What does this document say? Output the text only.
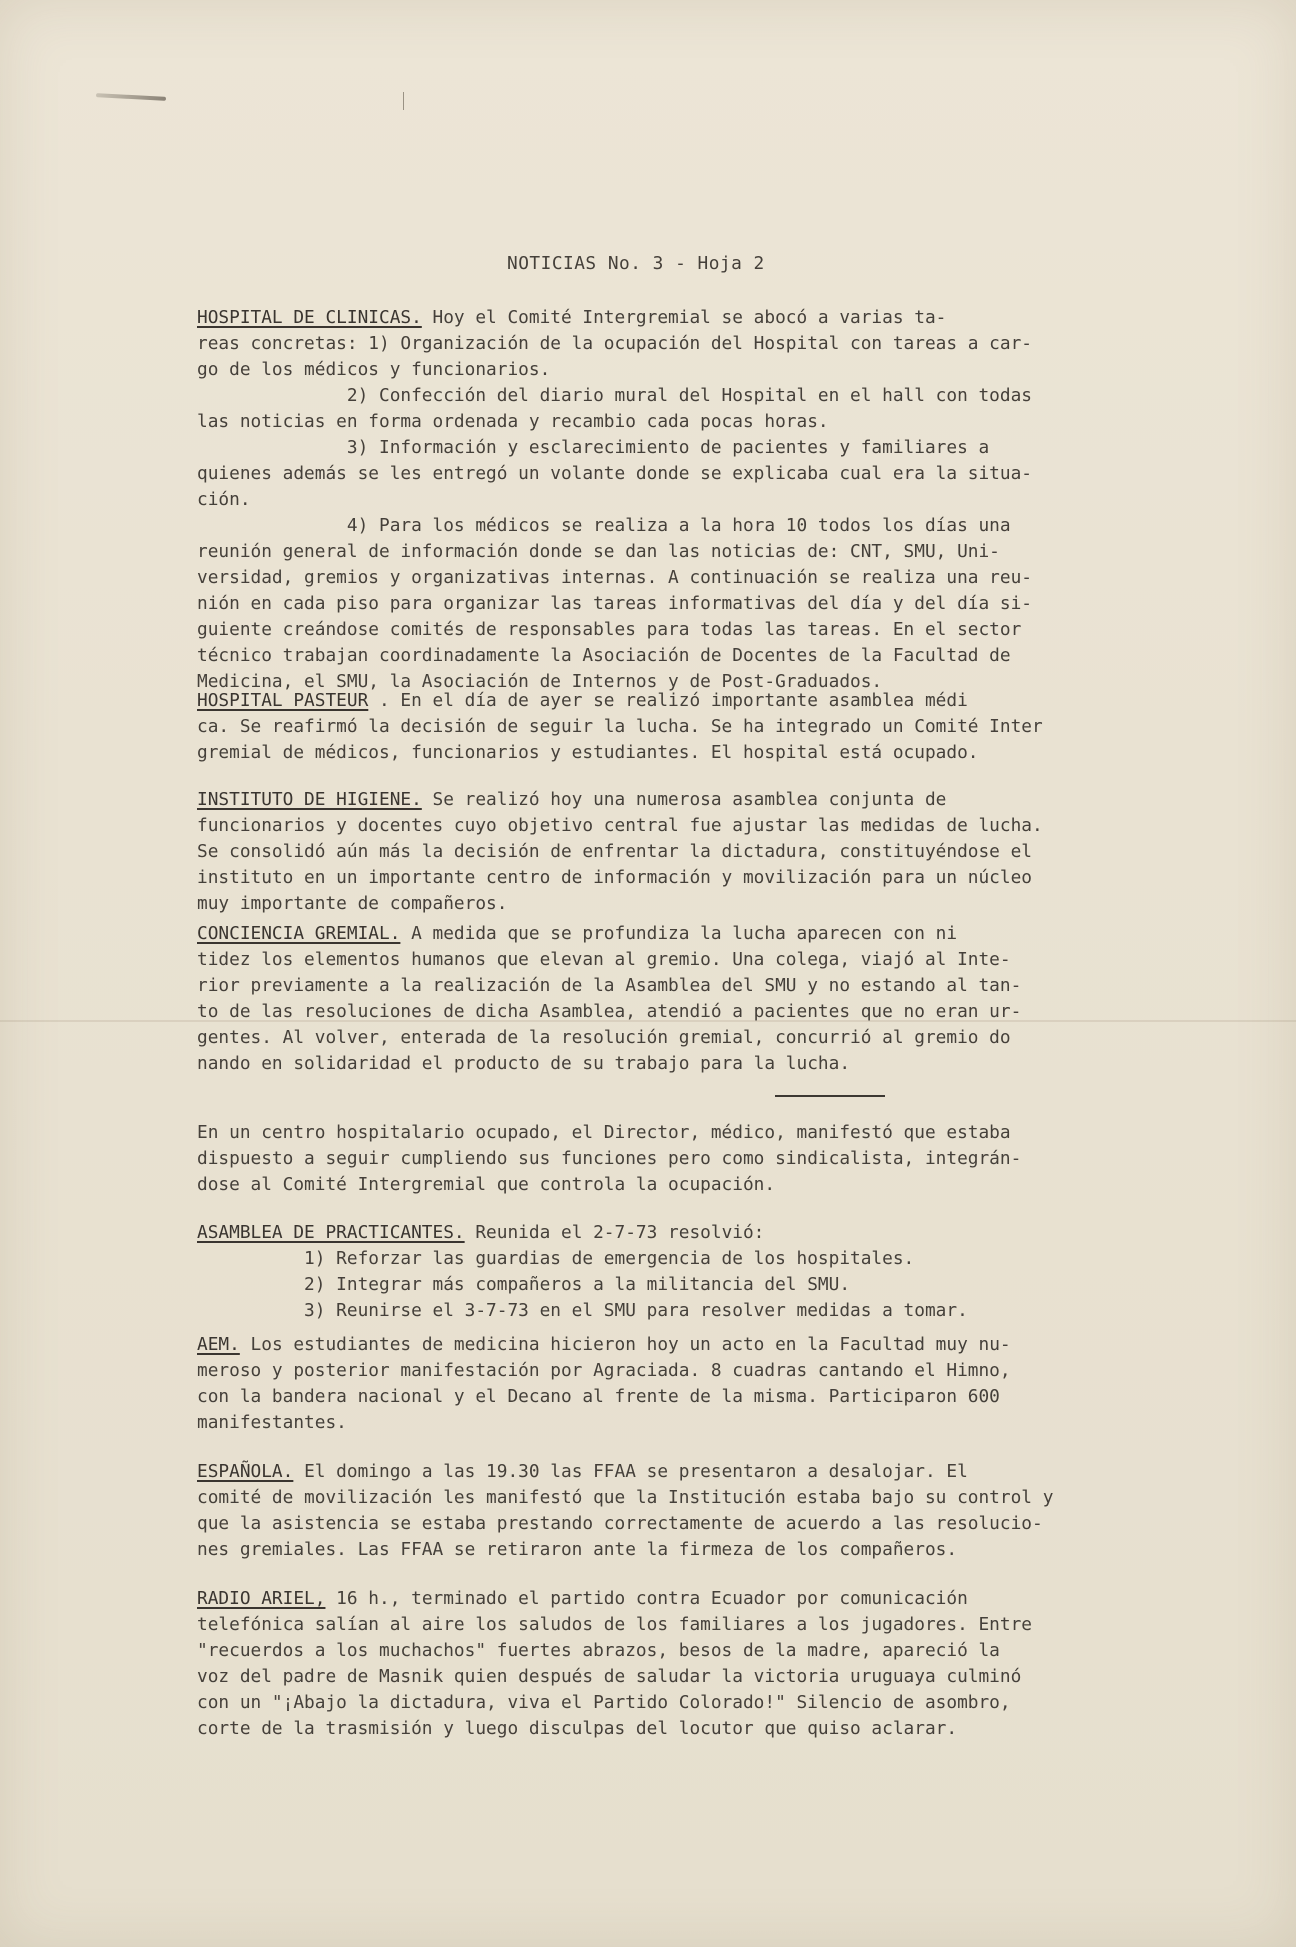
NOTICIAS No. 3 - Hoja 2
HOSPITAL DE CLINICAS. Hoy el Comité Intergremial se abocó a varias ta-
reas concretas: 1) Organización de la ocupación del Hospital con tareas a car-
go de los médicos y funcionarios.
2) Confección del diario mural del Hospital en el hall con todas
las noticias en forma ordenada y recambio cada pocas horas.
3) Información y esclarecimiento de pacientes y familiares a
quienes además se les entregó un volante donde se explicaba cual era la situa-
ción.
4) Para los médicos se realiza a la hora 10 todos los días una
reunión general de información donde se dan las noticias de: CNT, SMU, Uni-
versidad, gremios y organizativas internas. A continuación se realiza una reu-
nión en cada piso para organizar las tareas informativas del día y del día si-
guiente creándose comités de responsables para todas las tareas. En el sector
técnico trabajan coordinadamente la Asociación de Docentes de la Facultad de
Medicina, el SMU, la Asociación de Internos y de Post-Graduados.
HOSPITAL PASTEUR . En el día de ayer se realizó importante asamblea médi
ca. Se reafirmó la decisión de seguir la lucha. Se ha integrado un Comité Inter
gremial de médicos, funcionarios y estudiantes. El hospital está ocupado.
INSTITUTO DE HIGIENE. Se realizó hoy una numerosa asamblea conjunta de
funcionarios y docentes cuyo objetivo central fue ajustar las medidas de lucha.
Se consolidó aún más la decisión de enfrentar la dictadura, constituyéndose el
instituto en un importante centro de información y movilización para un núcleo
muy importante de compañeros.
CONCIENCIA GREMIAL. A medida que se profundiza la lucha aparecen con ni
tidez los elementos humanos que elevan al gremio. Una colega, viajó al Inte-
rior previamente a la realización de la Asamblea del SMU y no estando al tan-
to de las resoluciones de dicha Asamblea, atendió a pacientes que no eran ur-
gentes. Al volver, enterada de la resolución gremial, concurrió al gremio do
nando en solidaridad el producto de su trabajo para la lucha.
En un centro hospitalario ocupado, el Director, médico, manifestó que estaba
dispuesto a seguir cumpliendo sus funciones pero como sindicalista, integrán-
dose al Comité Intergremial que controla la ocupación.
ASAMBLEA DE PRACTICANTES. Reunida el 2-7-73 resolvió:
1) Reforzar las guardias de emergencia de los hospitales.
2) Integrar más compañeros a la militancia del SMU.
3) Reunirse el 3-7-73 en el SMU para resolver medidas a tomar.
AEM. Los estudiantes de medicina hicieron hoy un acto en la Facultad muy nu-
meroso y posterior manifestación por Agraciada. 8 cuadras cantando el Himno,
con la bandera nacional y el Decano al frente de la misma. Participaron 600
manifestantes.
ESPAÑOLA. El domingo a las 19.30 las FFAA se presentaron a desalojar. El
comité de movilización les manifestó que la Institución estaba bajo su control y
que la asistencia se estaba prestando correctamente de acuerdo a las resolucio-
nes gremiales. Las FFAA se retiraron ante la firmeza de los compañeros.
RADIO ARIEL, 16 h., terminado el partido contra Ecuador por comunicación
telefónica salían al aire los saludos de los familiares a los jugadores. Entre
"recuerdos a los muchachos" fuertes abrazos, besos de la madre, apareció la
voz del padre de Masnik quien después de saludar la victoria uruguaya culminó
con un "¡Abajo la dictadura, viva el Partido Colorado!" Silencio de asombro,
corte de la trasmisión y luego disculpas del locutor que quiso aclarar.
